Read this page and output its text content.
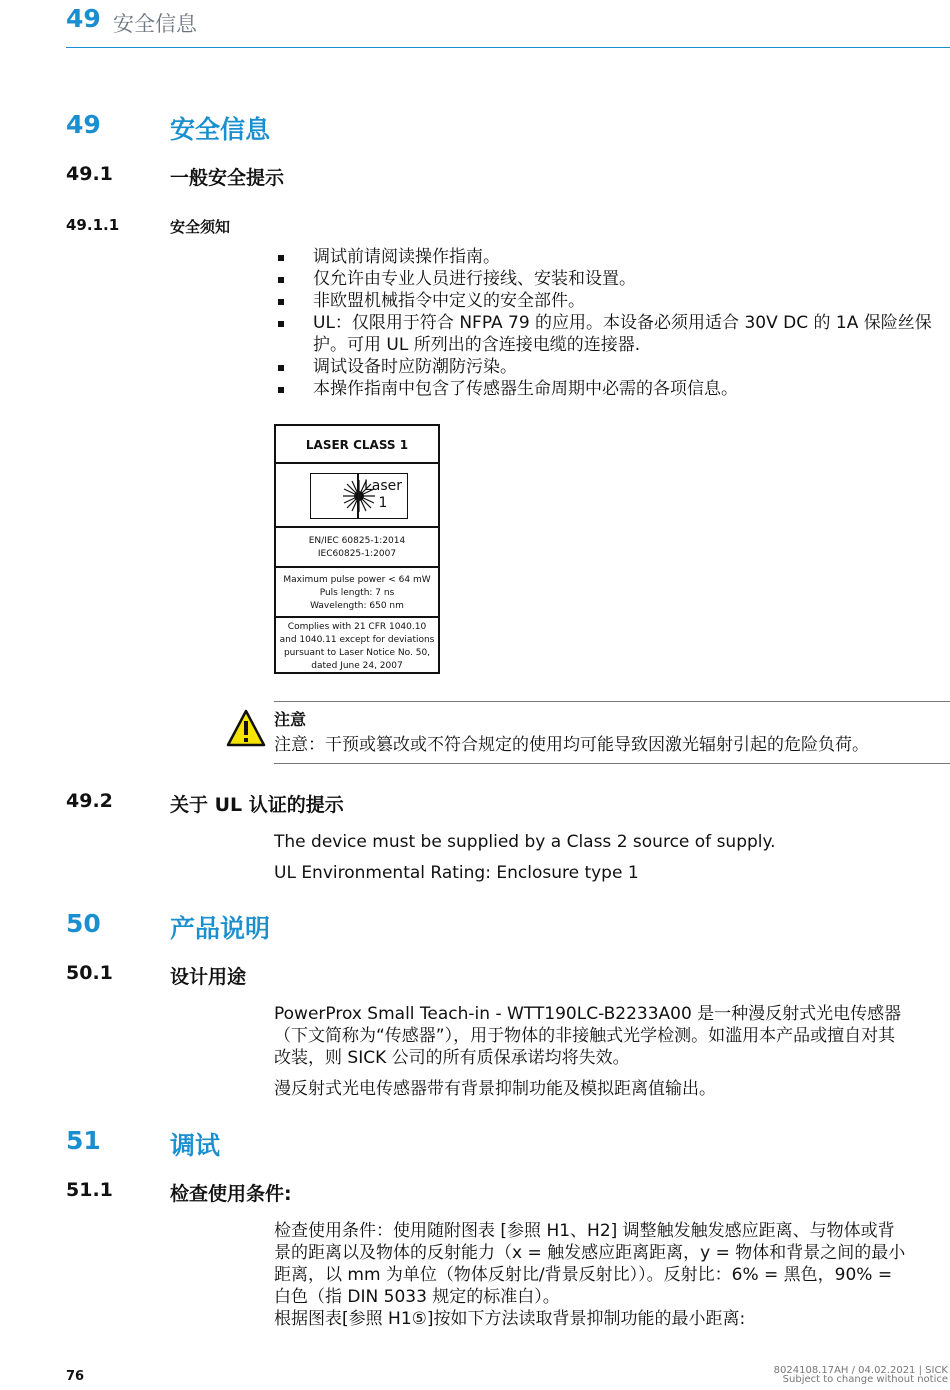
49 安全信息
49	安全信息
49.1	一般安全提示
49.1.1	安全须知
调试前请阅读操作指南。
仅允许由专业人员进行接线、安装和设置。
非欧盟机械指令中定义的安全部件。
UL：仅限用于符合 NFPA 79 的应用。本设备必须用适合 30V DC 的 1A 保险丝保护。可用 UL 所列出的含连接电缆的连接器.
调试设备时应防潮防污染。
本操作指南中包含了传感器生命周期中必需的各项信息。
LASER CLASS 1
Laser
1
EN/IEC 60825-1:2014
IEC60825-1:2007
Maximum pulse power < 64 mW
Puls length: 7 ns
Wavelength: 650 nm
Complies with 21 CFR 1040.10
and 1040.11 except for deviations
pursuant to Laser Notice No. 50,
dated June 24, 2007
注意
注意：干预或篡改或不符合规定的使用均可能导致因激光辐射引起的危险负荷。
49.2	关于 UL 认证的提示
The device must be supplied by a Class 2 source of supply.
UL Environmental Rating: Enclosure type 1
50	产品说明
50.1	设计用途
PowerProx Small Teach-in - WTT190LC-B2233A00 是一种漫反射式光电传感器
（下文简称为“传感器”），用于物体的非接触式光学检测。如滥用本产品或擅自对其
改装，则 SICK 公司的所有质保承诺均将失效。
漫反射式光电传感器带有背景抑制功能及模拟距离值输出。
51	调试
51.1	检查使用条件:
检查使用条件：使用随附图表 [参照 H1、H2] 调整触发触发感应距离、与物体或背
景的距离以及物体的反射能力（x = 触发感应距离距离，y = 物体和背景之间的最小
距离，以 mm 为单位（物体反射比/背景反射比））。反射比：6% = 黑色，90% =
白色（指 DIN 5033 规定的标准白）。
根据图表[参照 H1⑤]按如下方法读取背景抑制功能的最小距离:
76	8024108.17AH / 04.02.2021 | SICK
Subject to change without notice
